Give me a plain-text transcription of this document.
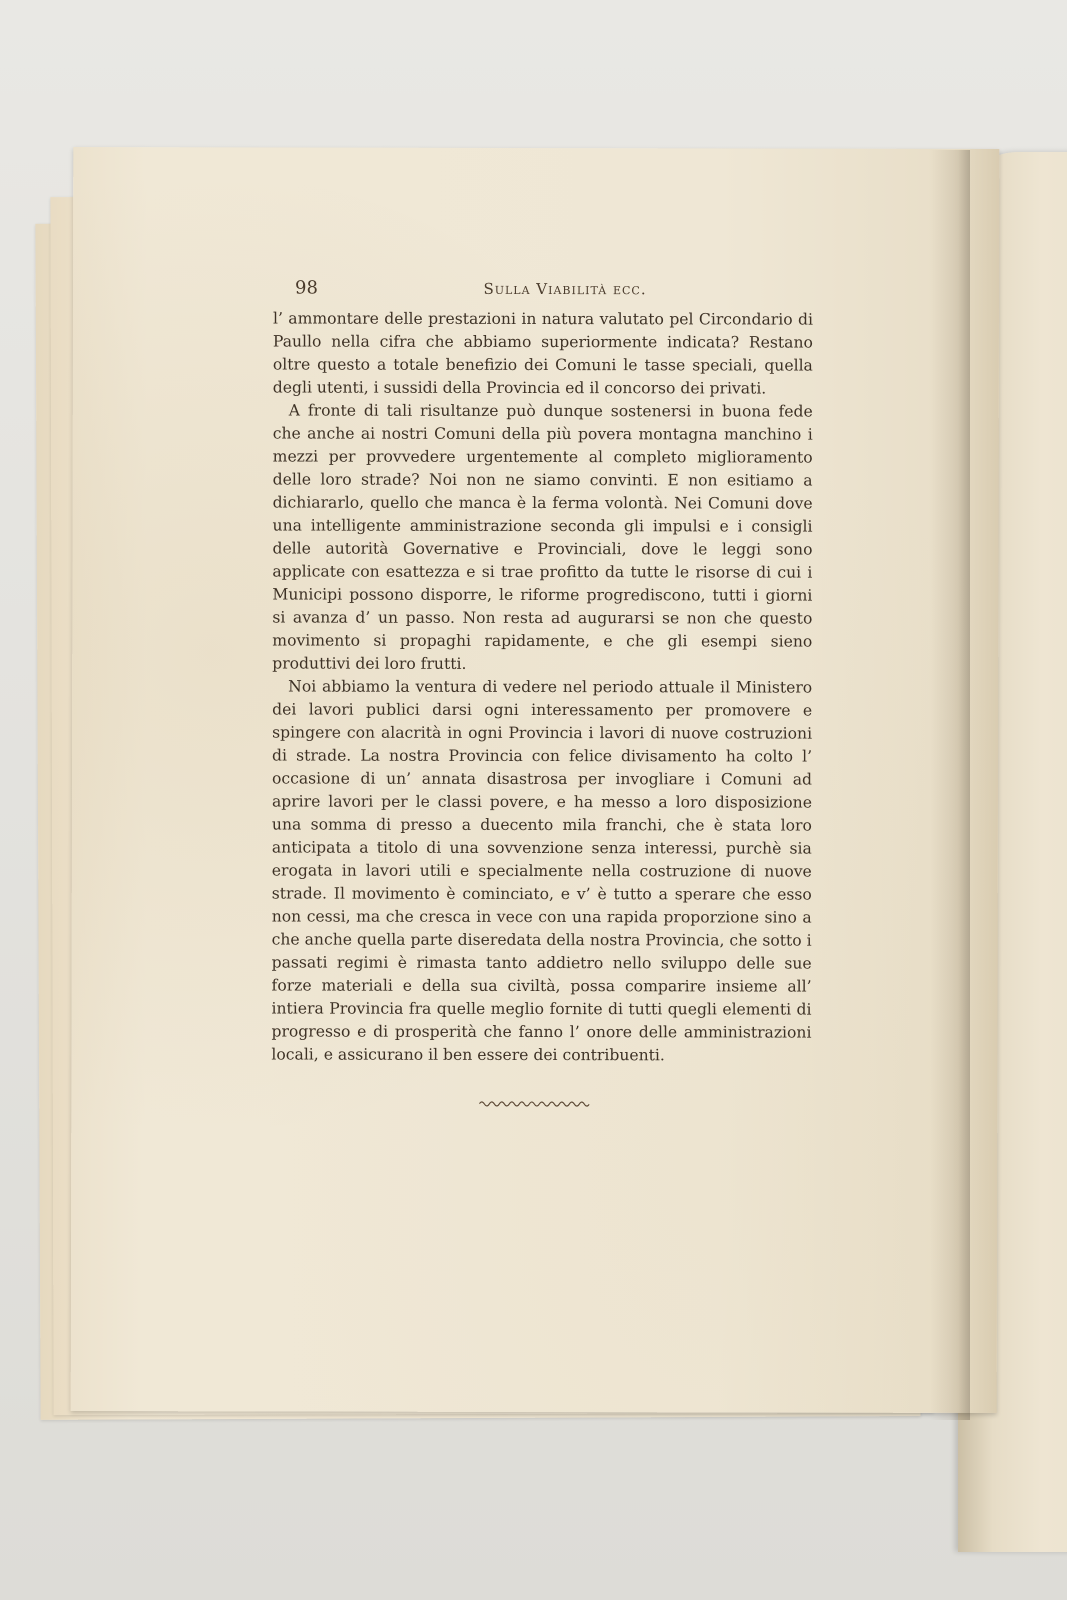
98	Sulla Viabilità ecc.

l’ ammontare delle prestazioni in natura valutato pel Circondario di Paullo nella cifra che abbiamo superiormente indicata? Restano oltre questo a totale benefizio dei Comuni le tasse speciali, quella degli utenti, i sussidi della Provincia ed il concorso dei privati.

A fronte di tali risultanze può dunque sostenersi in buona fede che anche ai nostri Comuni della più povera montagna manchino i mezzi per provvedere urgentemente al completo miglioramento delle loro strade? Noi non ne siamo convinti. E non esitiamo a dichiararlo, quello che manca è la ferma volontà. Nei Comuni dove una intelligente amministrazione seconda gli impulsi e i consigli delle autorità Governative e Provinciali, dove le leggi sono applicate con esattezza e si trae profitto da tutte le risorse di cui i Municipi possono disporre, le riforme progrediscono, tutti i giorni si avanza d’ un passo. Non resta ad augurarsi se non che questo movimento si propaghi rapidamente, e che gli esempi sieno produttivi dei loro frutti.

Noi abbiamo la ventura di vedere nel periodo attuale il Ministero dei lavori publici darsi ogni interessamento per promovere e spingere con alacrità in ogni Provincia i lavori di nuove costruzioni di strade. La nostra Provincia con felice divisamento ha colto l’ occasione di un’ annata disastrosa per invogliare i Comuni ad aprire lavori per le classi povere, e ha messo a loro disposizione una somma di presso a duecento mila franchi, che è stata loro anticipata a titolo di una sovvenzione senza interessi, purchè sia erogata in lavori utili e specialmente nella costruzione di nuove strade. Il movimento è cominciato, e v’ è tutto a sperare che esso non cessi, ma che cresca in vece con una rapida proporzione sino a che anche quella parte diseredata della nostra Provincia, che sotto i passati regimi è rimasta tanto addietro nello sviluppo delle sue forze materiali e della sua civiltà, possa comparire insieme all’ intiera Provincia fra quelle meglio fornite di tutti quegli elementi di progresso e di prosperità che fanno l’ onore delle amministrazioni locali, e assicurano il ben essere dei contribuenti.
